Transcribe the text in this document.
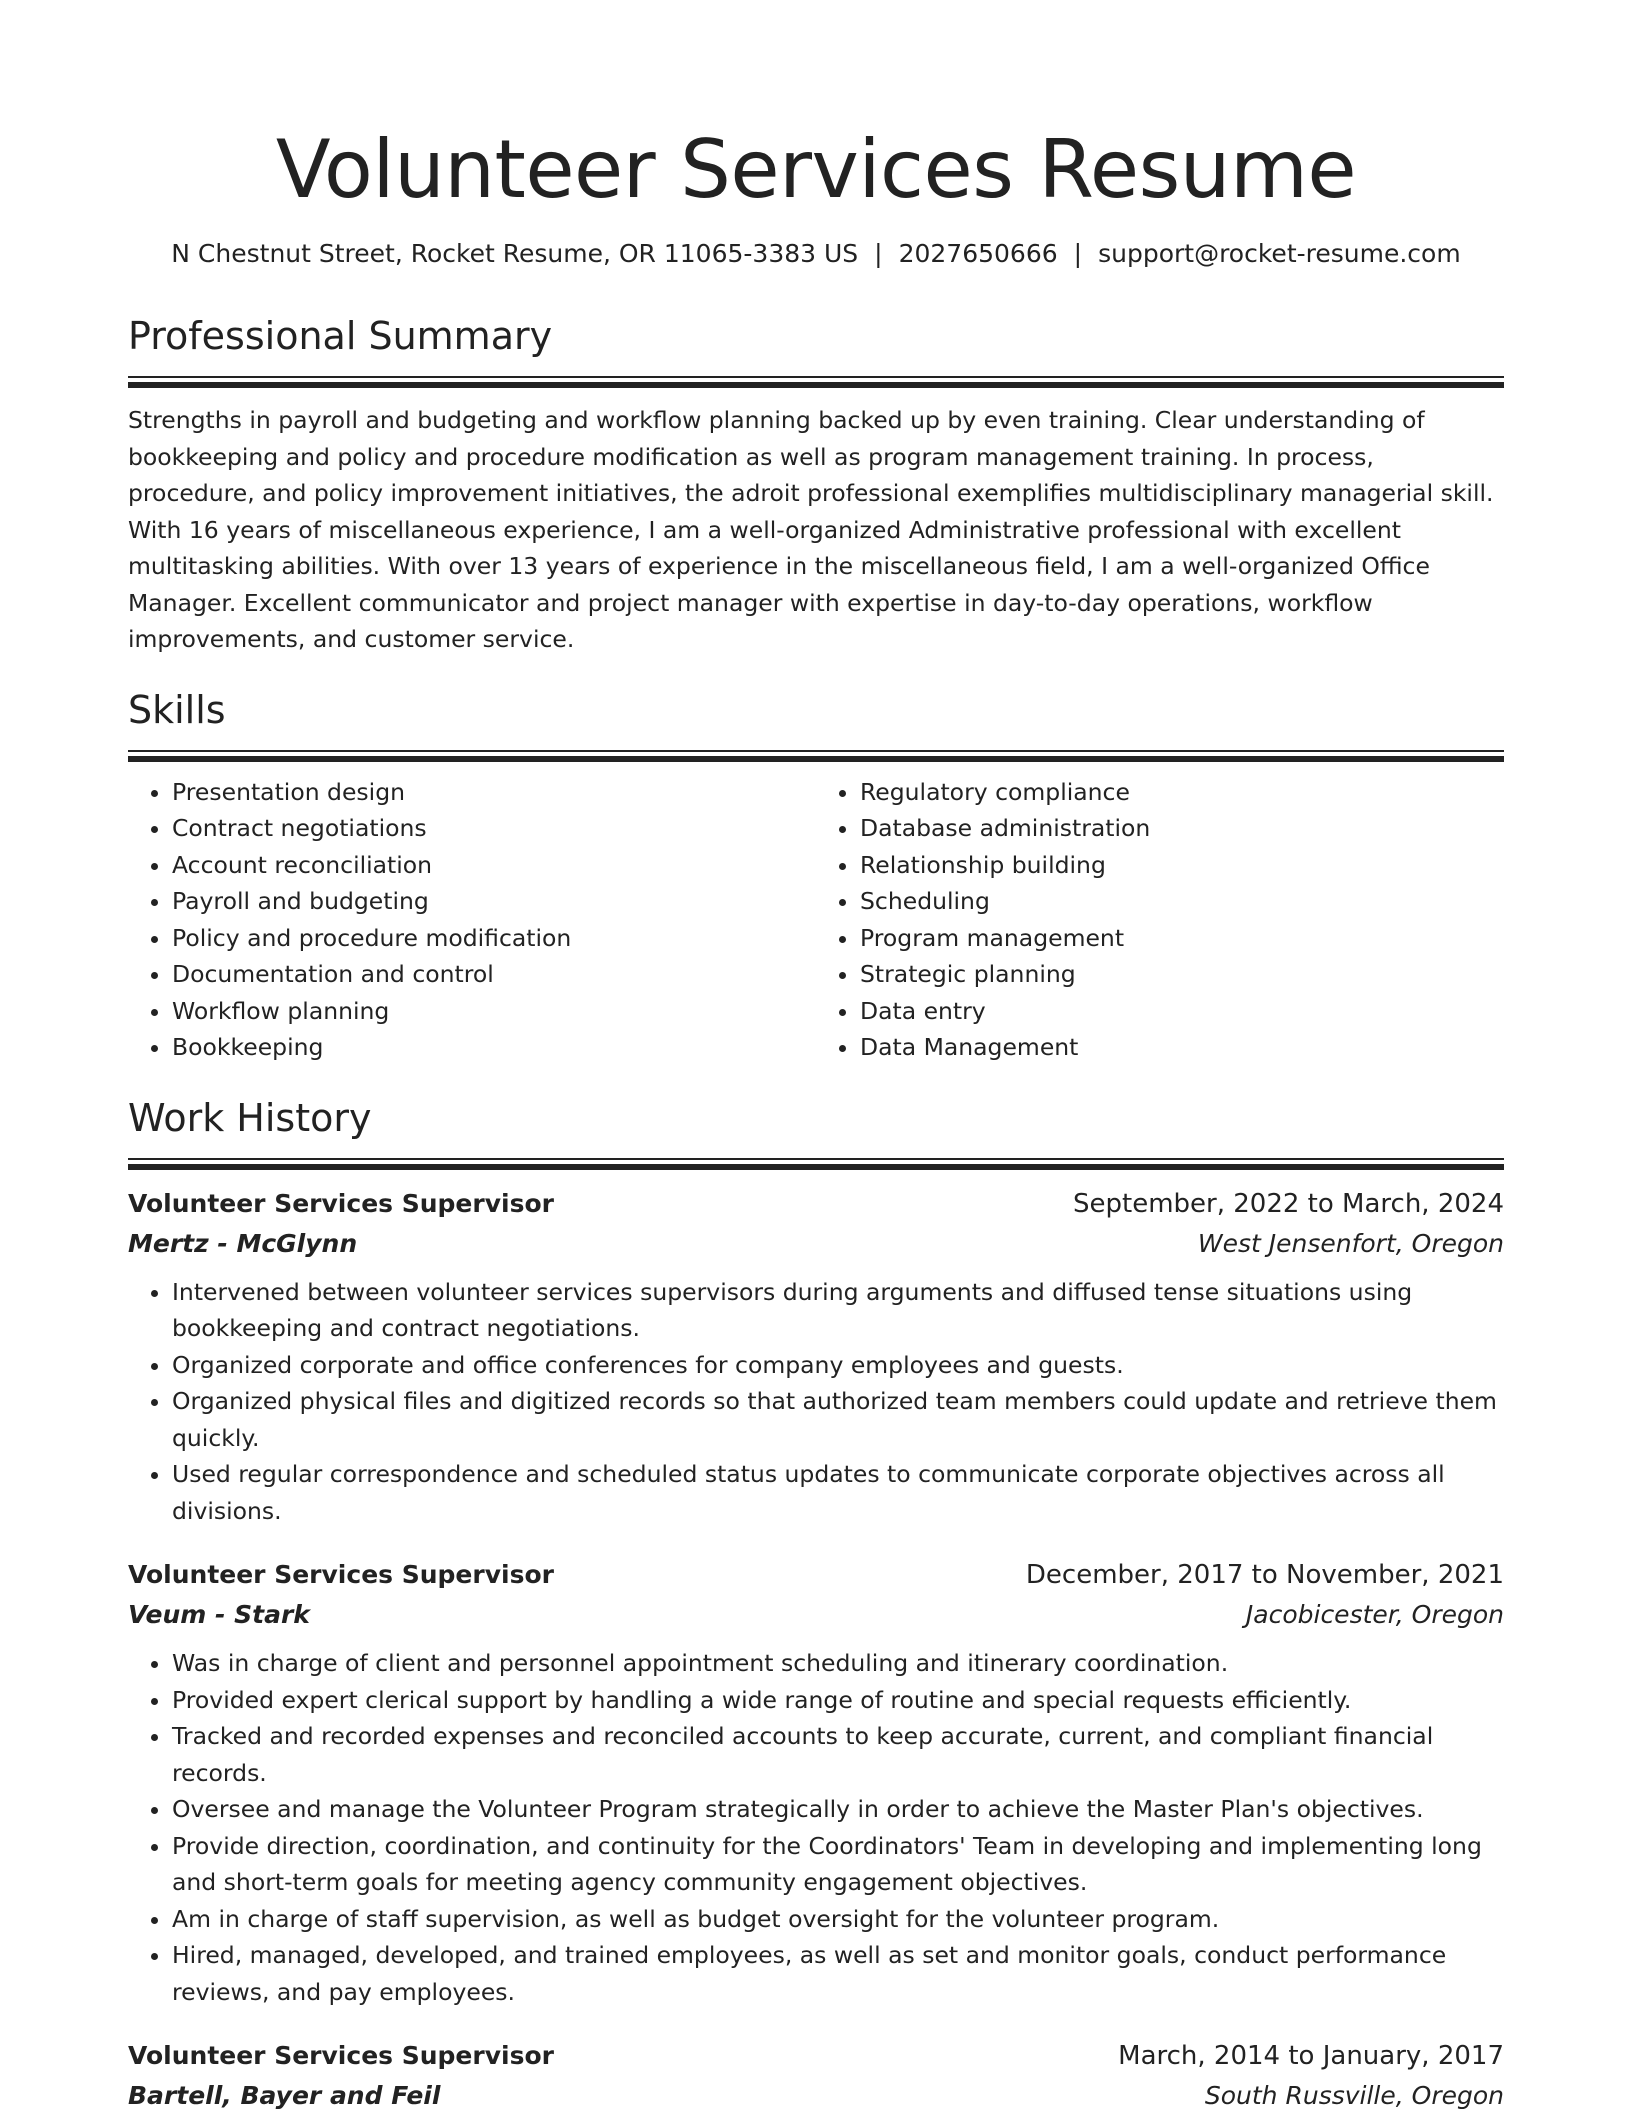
Volunteer Services Resume
N Chestnut Street, Rocket Resume, OR 11065-3383 US | 2027650666 | support@rocket-resume.com
Professional Summary

Strengths in payroll and budgeting and workflow planning backed up by even training. Clear understanding of bookkeeping and policy and procedure modification as well as program management training. In process, procedure, and policy improvement initiatives, the adroit professional exemplifies multidisciplinary managerial skill. With 16 years of miscellaneous experience, I am a well-organized Administrative professional with excellent multitasking abilities. With over 13 years of experience in the miscellaneous field, I am a well-organized Office Manager. Excellent communicator and project manager with expertise in day-to-day operations, workflow improvements, and customer service.

Skills
• Presentation design
• Contract negotiations
• Account reconciliation
• Payroll and budgeting
• Policy and procedure modification
• Documentation and control
• Workflow planning
• Bookkeeping
• Regulatory compliance
• Database administration
• Relationship building
• Scheduling
• Program management
• Strategic planning
• Data entry
• Data Management
Work History
Volunteer Services Supervisor	September, 2022 to March, 2024
Mertz - McGlynn	West Jensenfort, Oregon
• Intervened between volunteer services supervisors during arguments and diffused tense situations using bookkeeping and contract negotiations.
• Organized corporate and office conferences for company employees and guests.
• Organized physical files and digitized records so that authorized team members could update and retrieve them quickly.
• Used regular correspondence and scheduled status updates to communicate corporate objectives across all divisions.
Volunteer Services Supervisor	December, 2017 to November, 2021
Veum - Stark	Jacobicester, Oregon
• Was in charge of client and personnel appointment scheduling and itinerary coordination.
• Provided expert clerical support by handling a wide range of routine and special requests efficiently.
• Tracked and recorded expenses and reconciled accounts to keep accurate, current, and compliant financial records.
• Oversee and manage the Volunteer Program strategically in order to achieve the Master Plan's objectives.
• Provide direction, coordination, and continuity for the Coordinators' Team in developing and implementing long and short-term goals for meeting agency community engagement objectives.
• Am in charge of staff supervision, as well as budget oversight for the volunteer program.
• Hired, managed, developed, and trained employees, as well as set and monitor goals, conduct performance reviews, and pay employees.
Volunteer Services Supervisor	March, 2014 to January, 2017
Bartell, Bayer and Feil	South Russville, Oregon
